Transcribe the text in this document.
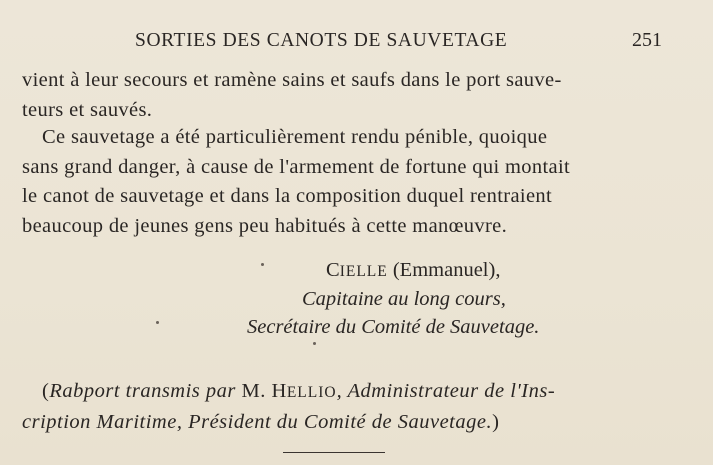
SORTIES DES CANOTS DE SAUVETAGE	251
vient à leur secours et ramène sains et saufs dans le port sauve-
teurs et sauvés.
Ce sauvetage a été particulièrement rendu pénible, quoique
sans grand danger, à cause de l'armement de fortune qui montait
le canot de sauvetage et dans la composition duquel rentraient
beaucoup de jeunes gens peu habitués à cette manœuvre.
CIELLE (Emmanuel),
Capitaine au long cours,
Secrétaire du Comité de Sauvetage.
(Rabport transmis par M. HELLIO, Administrateur de l'Ins-
cription Maritime, Président du Comité de Sauvetage.)
